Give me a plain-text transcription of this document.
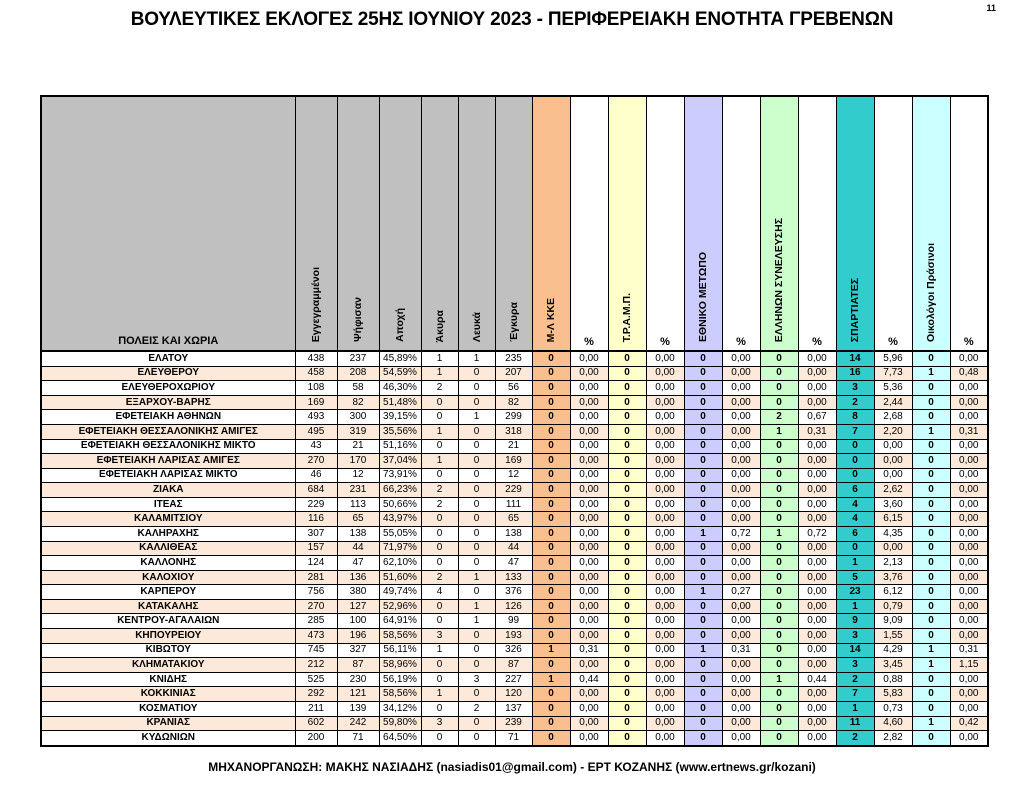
ΒΟΥΛΕΥΤΙΚΕΣ ΕΚΛΟΓΕΣ 25ΗΣ ΙΟΥΝΙΟΥ 2023 - ΠΕΡΙΦΕΡΕΙΑΚΗ ΕΝΟΤΗΤΑ ΓΡΕΒΕΝΩΝ
11
ΠΟΛΕΙΣ ΚΑΙ ΧΩΡΙΑ	Εγγεγραμμένοι	Ψήφισαν	Αποχή	Άκυρα	Λευκά	Έγκυρα	Μ-Λ ΚΚΕ	%	Τ.Ρ.Α.Μ.Π.	%	ΕΘΝΙΚΟ ΜΕΤΩΠΟ	%	ΕΛΛΗΝΩΝ ΣΥΝΕΛΕΥΣΗΣ	%	ΣΠΑΡΤΙΑΤΕΣ	%	Οικολόγοι Πράσινοι	%
ΕΛΑΤΟΥ	438	237	45,89%	1	1	235	0	0,00	0	0,00	0	0,00	0	0,00	14	5,96	0	0,00
ΕΛΕΥΘΕΡΟΥ	458	208	54,59%	1	0	207	0	0,00	0	0,00	0	0,00	0	0,00	16	7,73	1	0,48
ΕΛΕΥΘΕΡΟΧΩΡΙΟΥ	108	58	46,30%	2	0	56	0	0,00	0	0,00	0	0,00	0	0,00	3	5,36	0	0,00
ΕΞΑΡΧΟΥ-ΒΑΡΗΣ	169	82	51,48%	0	0	82	0	0,00	0	0,00	0	0,00	0	0,00	2	2,44	0	0,00
ΕΦΕΤΕΙΑΚΗ ΑΘΗΝΩΝ	493	300	39,15%	0	1	299	0	0,00	0	0,00	0	0,00	2	0,67	8	2,68	0	0,00
ΕΦΕΤΕΙΑΚΗ ΘΕΣΣΑΛΟΝΙΚΗΣ ΑΜΙΓΕΣ	495	319	35,56%	1	0	318	0	0,00	0	0,00	0	0,00	1	0,31	7	2,20	1	0,31
ΕΦΕΤΕΙΑΚΗ ΘΕΣΣΑΛΟΝΙΚΗΣ ΜΙΚΤΟ	43	21	51,16%	0	0	21	0	0,00	0	0,00	0	0,00	0	0,00	0	0,00	0	0,00
ΕΦΕΤΕΙΑΚΗ ΛΑΡΙΣΑΣ ΑΜΙΓΕΣ	270	170	37,04%	1	0	169	0	0,00	0	0,00	0	0,00	0	0,00	0	0,00	0	0,00
ΕΦΕΤΕΙΑΚΗ ΛΑΡΙΣΑΣ ΜΙΚΤΟ	46	12	73,91%	0	0	12	0	0,00	0	0,00	0	0,00	0	0,00	0	0,00	0	0,00
ΖΙΑΚΑ	684	231	66,23%	2	0	229	0	0,00	0	0,00	0	0,00	0	0,00	6	2,62	0	0,00
ΙΤΕΑΣ	229	113	50,66%	2	0	111	0	0,00	0	0,00	0	0,00	0	0,00	4	3,60	0	0,00
ΚΑΛΑΜΙΤΣΙΟΥ	116	65	43,97%	0	0	65	0	0,00	0	0,00	0	0,00	0	0,00	4	6,15	0	0,00
ΚΑΛΗΡΑΧΗΣ	307	138	55,05%	0	0	138	0	0,00	0	0,00	1	0,72	1	0,72	6	4,35	0	0,00
ΚΑΛΛΙΘΕΑΣ	157	44	71,97%	0	0	44	0	0,00	0	0,00	0	0,00	0	0,00	0	0,00	0	0,00
ΚΑΛΛΟΝΗΣ	124	47	62,10%	0	0	47	0	0,00	0	0,00	0	0,00	0	0,00	1	2,13	0	0,00
ΚΑΛΟΧΙΟΥ	281	136	51,60%	2	1	133	0	0,00	0	0,00	0	0,00	0	0,00	5	3,76	0	0,00
ΚΑΡΠΕΡΟΥ	756	380	49,74%	4	0	376	0	0,00	0	0,00	1	0,27	0	0,00	23	6,12	0	0,00
ΚΑΤΑΚΑΛΗΣ	270	127	52,96%	0	1	126	0	0,00	0	0,00	0	0,00	0	0,00	1	0,79	0	0,00
ΚΕΝΤΡΟΥ-ΑΓΑΛΑΙΩΝ	285	100	64,91%	0	1	99	0	0,00	0	0,00	0	0,00	0	0,00	9	9,09	0	0,00
ΚΗΠΟΥΡΕΙΟΥ	473	196	58,56%	3	0	193	0	0,00	0	0,00	0	0,00	0	0,00	3	1,55	0	0,00
ΚΙΒΩΤΟΥ	745	327	56,11%	1	0	326	1	0,31	0	0,00	1	0,31	0	0,00	14	4,29	1	0,31
ΚΛΗΜΑΤΑΚΙΟΥ	212	87	58,96%	0	0	87	0	0,00	0	0,00	0	0,00	0	0,00	3	3,45	1	1,15
ΚΝΙΔΗΣ	525	230	56,19%	0	3	227	1	0,44	0	0,00	0	0,00	1	0,44	2	0,88	0	0,00
ΚΟΚΚΙΝΙΑΣ	292	121	58,56%	1	0	120	0	0,00	0	0,00	0	0,00	0	0,00	7	5,83	0	0,00
ΚΟΣΜΑΤΙΟΥ	211	139	34,12%	0	2	137	0	0,00	0	0,00	0	0,00	0	0,00	1	0,73	0	0,00
ΚΡΑΝΙΑΣ	602	242	59,80%	3	0	239	0	0,00	0	0,00	0	0,00	0	0,00	11	4,60	1	0,42
ΚΥΔΩΝΙΩΝ	200	71	64,50%	0	0	71	0	0,00	0	0,00	0	0,00	0	0,00	2	2,82	0	0,00
ΜΗΧΑΝΟΡΓΑΝΩΣΗ: ΜΑΚΗΣ ΝΑΣΙΑΔΗΣ (nasiadis01@gmail.com) - ΕΡΤ ΚΟΖΑΝΗΣ (www.ertnews.gr/kozani)
